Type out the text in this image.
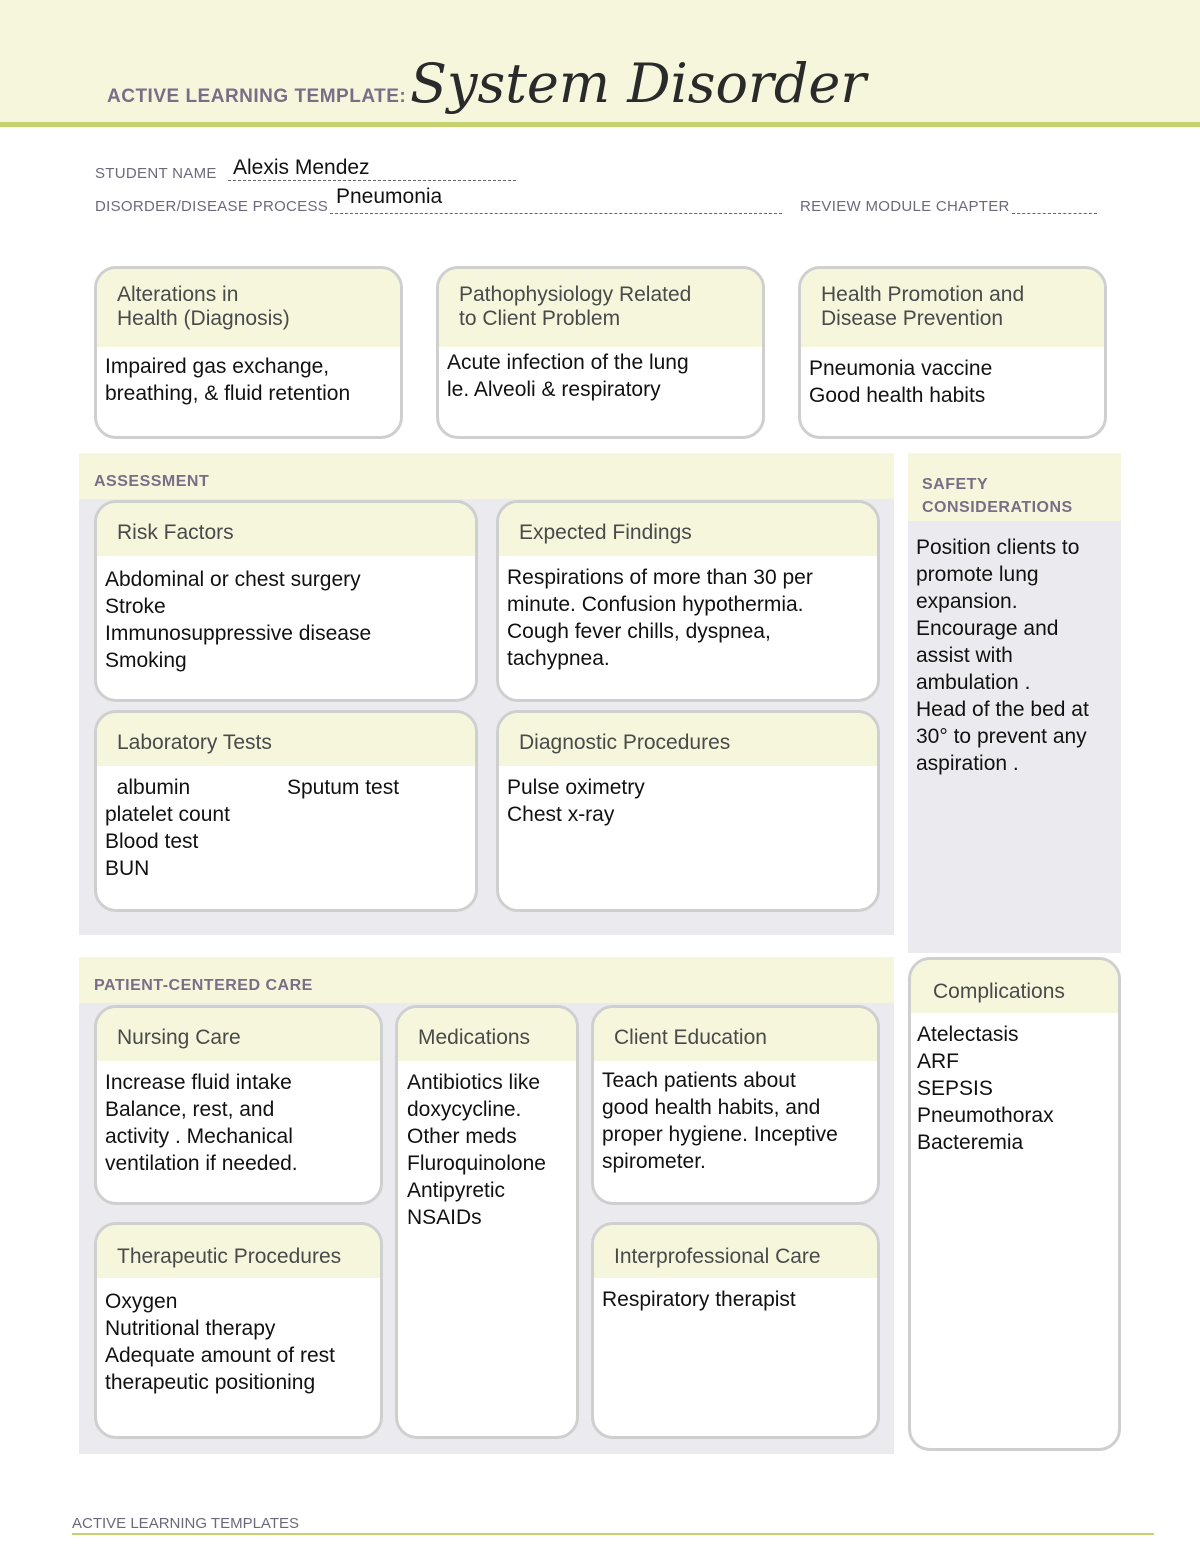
ACTIVE LEARNING TEMPLATE: System Disorder
STUDENT NAME Alexis Mendez
DISORDER/DISEASE PROCESS Pneumonia	REVIEW MODULE CHAPTER
Alterations in
Health (Diagnosis)
Impaired gas exchange,
breathing, & fluid retention
Pathophysiology Related
to Client Problem
Acute infection of the lung
le. Alveoli & respiratory
Health Promotion and
Disease Prevention
Pneumonia vaccine
Good health habits
ASSESSMENT
Risk Factors
Abdominal or chest surgery
Stroke
Immunosuppressive disease
Smoking
Expected Findings
Respirations of more than 30 per
minute. Confusion hypothermia.
Cough fever chills, dyspnea,
tachypnea.
Laboratory Tests
albumin
platelet count
Blood test
BUN
Sputum test
Diagnostic Procedures
Pulse oximetry
Chest x-ray
SAFETY
CONSIDERATIONS
Position clients to
promote lung
expansion.
Encourage and
assist with
ambulation .
Head of the bed at
30° to prevent any
aspiration .
PATIENT-CENTERED CARE
Nursing Care
Increase fluid intake
Balance, rest, and
activity . Mechanical
ventilation if needed.
Medications
Antibiotics like
doxycycline.
Other meds
Fluroquinolone
Antipyretic
NSAIDs
Client Education
Teach patients about
good health habits, and
proper hygiene. Inceptive
spirometer.
Therapeutic Procedures
Oxygen
Nutritional therapy
Adequate amount of rest
therapeutic positioning
Interprofessional Care
Respiratory therapist
Complications
Atelectasis
ARF
SEPSIS
Pneumothorax
Bacteremia
ACTIVE LEARNING TEMPLATES
